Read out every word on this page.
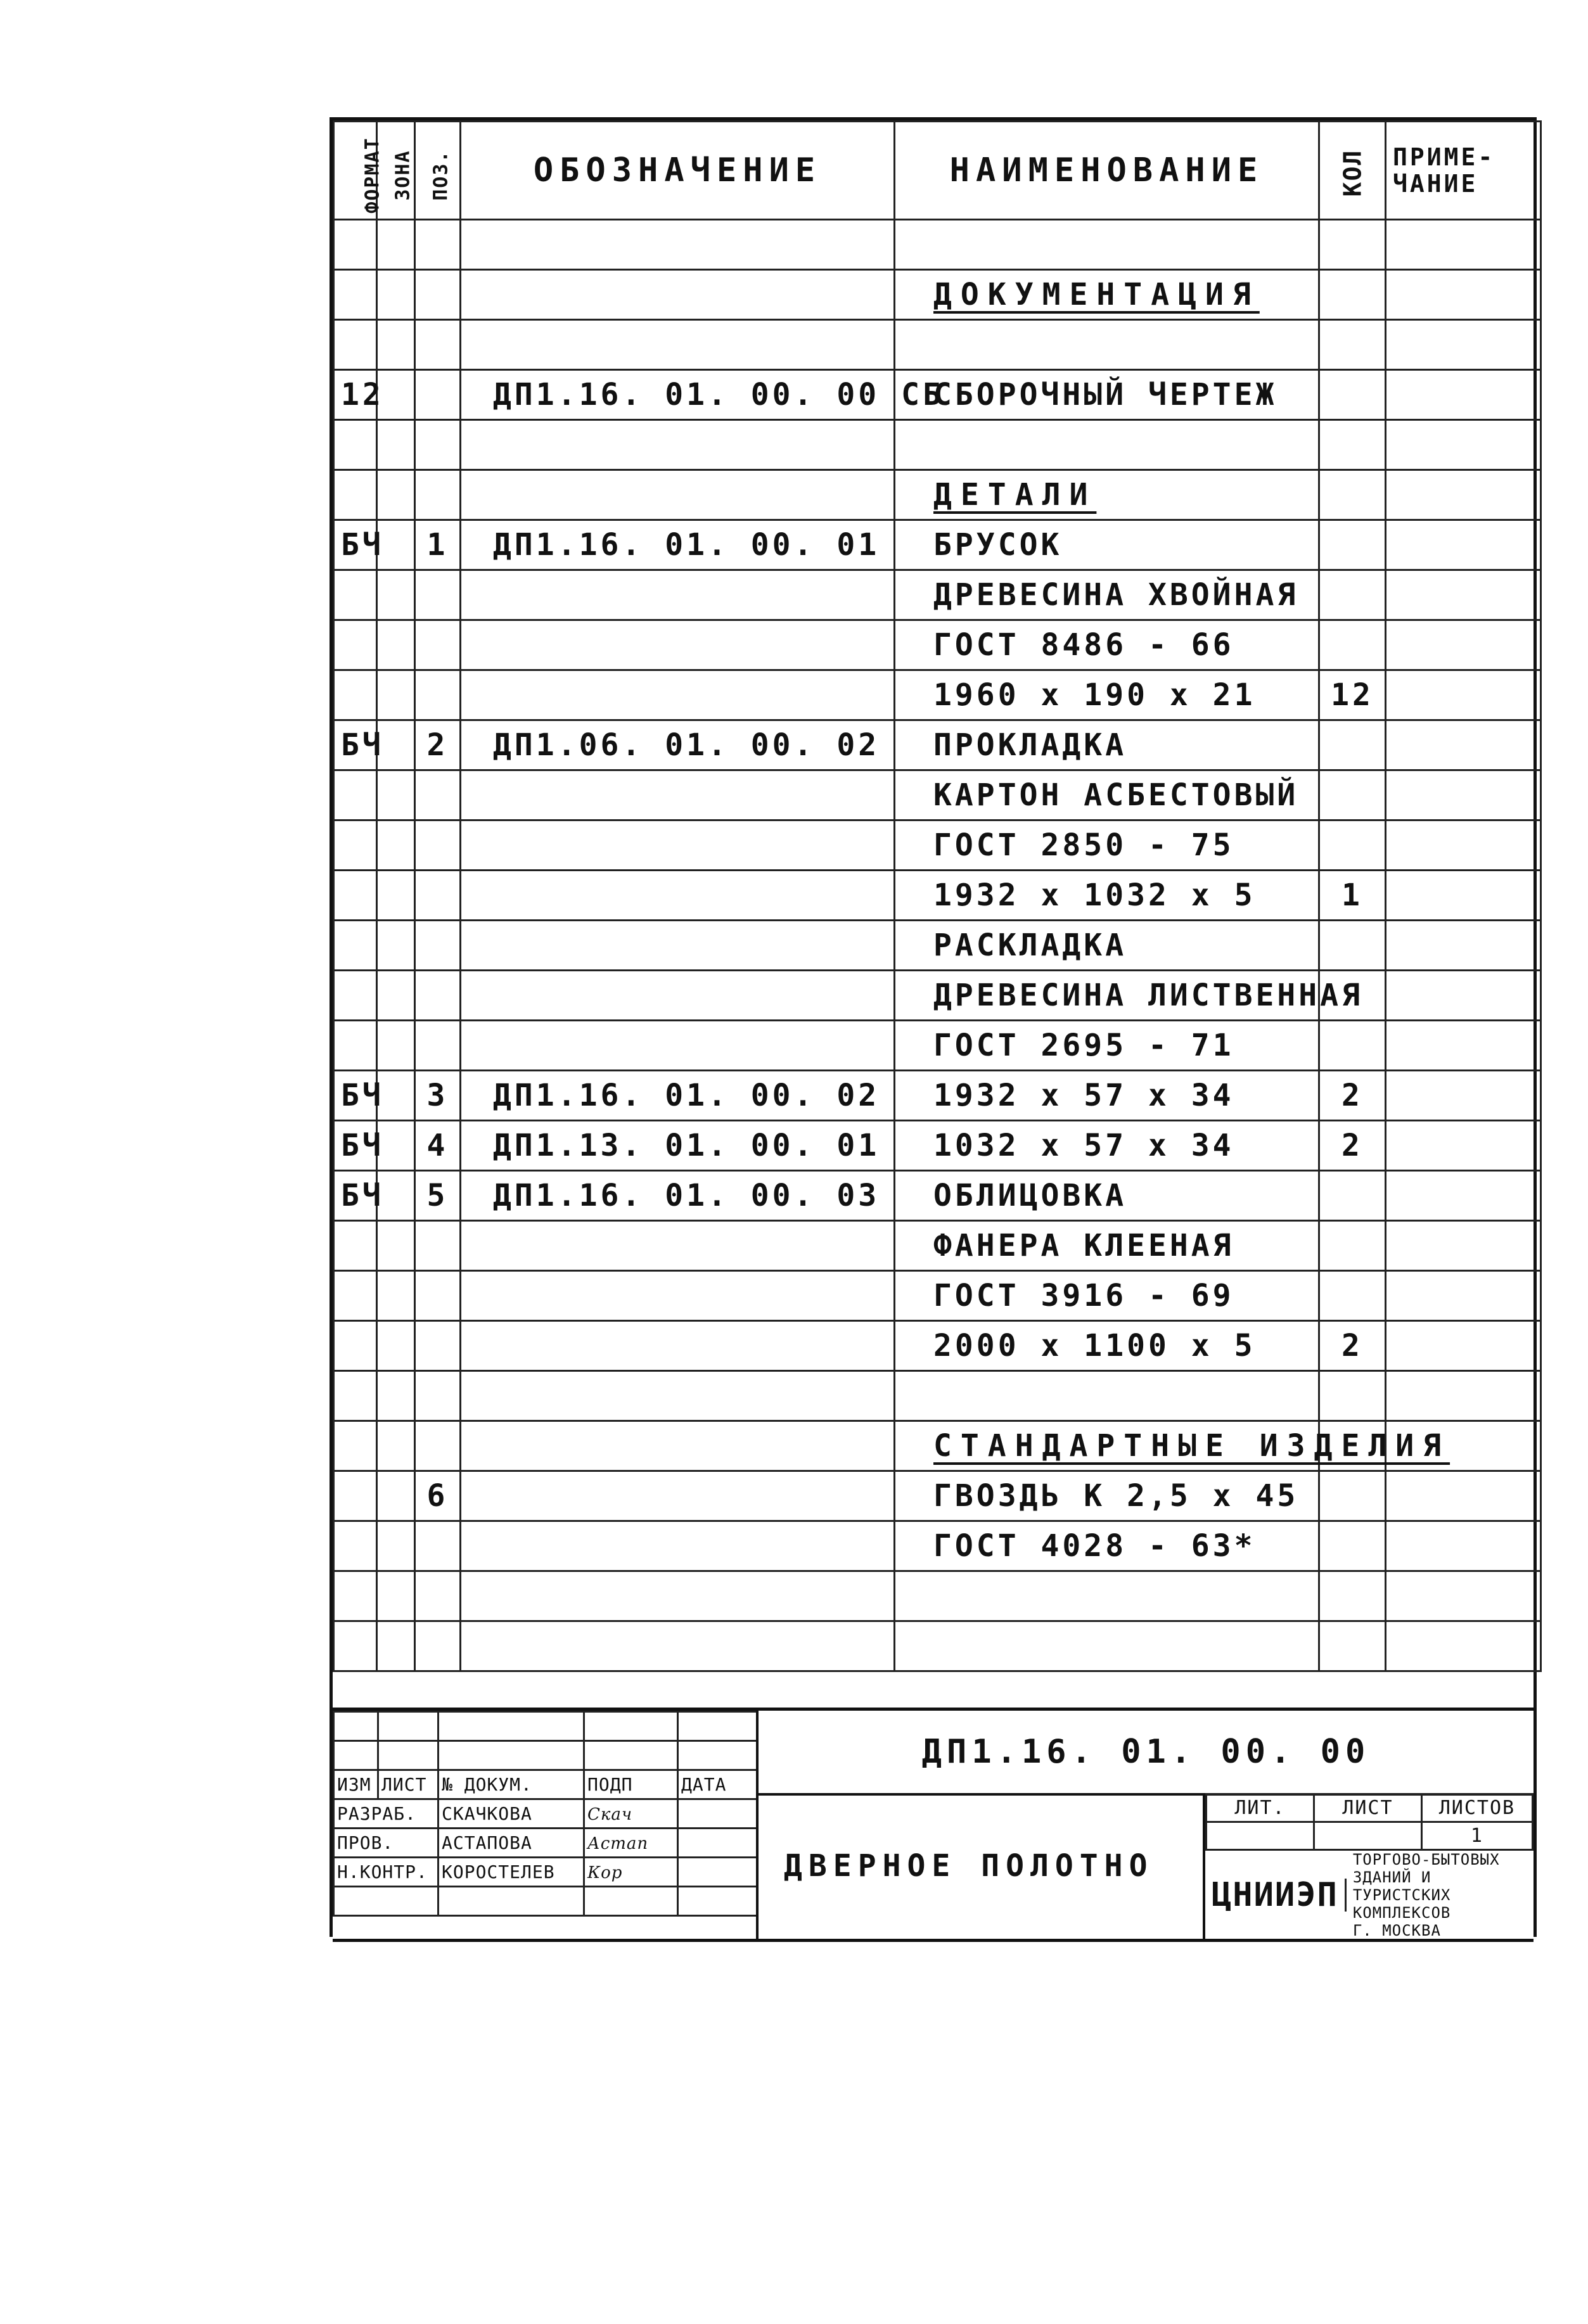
ФОРМАТ	ЗОНА	ПОЗ.	ОБОЗНАЧЕНИЕ	НАИМЕНОВАНИЕ	КОЛ	ПРИМЕ-
ЧАНИЕ

				ДОКУМЕНТАЦИЯ		

12			ДП1.16. 01. 00. 00 СБ	СБОРОЧНЫЙ ЧЕРТЕЖ		

				ДЕТАЛИ		
БЧ		1	ДП1.16. 01. 00. 01	БРУСОК		
				ДРЕВЕСИНА ХВОЙНАЯ		
				ГОСТ 8486 - 66		
				1960 x 190 x 21	12	
БЧ		2	ДП1.06. 01. 00. 02	ПРОКЛАДКА		
				КАРТОН АСБЕСТОВЫЙ		
				ГОСТ 2850 - 75		
				1932 x 1032 x 5	1	
				РАСКЛАДКА		
				ДРЕВЕСИНА ЛИСТВЕННАЯ		
				ГОСТ 2695 - 71		
БЧ		3	ДП1.16. 01. 00. 02	1932 x 57 x 34	2	
БЧ		4	ДП1.13. 01. 00. 01	1032 x 57 x 34	2	
БЧ		5	ДП1.16. 01. 00. 03	ОБЛИЦОВКА		
				ФАНЕРА КЛЕЕНАЯ		
				ГОСТ 3916 - 69		
				2000 x 1100 x 5	2	

				СТАНДАРТНЫЕ ИЗДЕЛИЯ		
		6		ГВОЗДЬ К 2,5 x 45		
				ГОСТ 4028 - 63*		

ИЗМ	ЛИСТ	№ ДОКУМ.	ПОДП	ДАТА
РАЗРАБ.		СКАЧКОВА	Скач	
ПРОВ.		АСТАПОВА	Астап	
Н.КОНТР.		КОРОСТЕЛЕВ	Кор	

ДП1.16. 01. 00. 00
ДВЕРНОЕ ПОЛОТНО
ЛИТ.	ЛИСТ	ЛИСТОВ
		1
ЦНИИЭП
ТОРГОВО-БЫТОВЫХ
ЗДАНИЙ И ТУРИСТСКИХ
КОМПЛЕКСОВ
Г. МОСКВА
